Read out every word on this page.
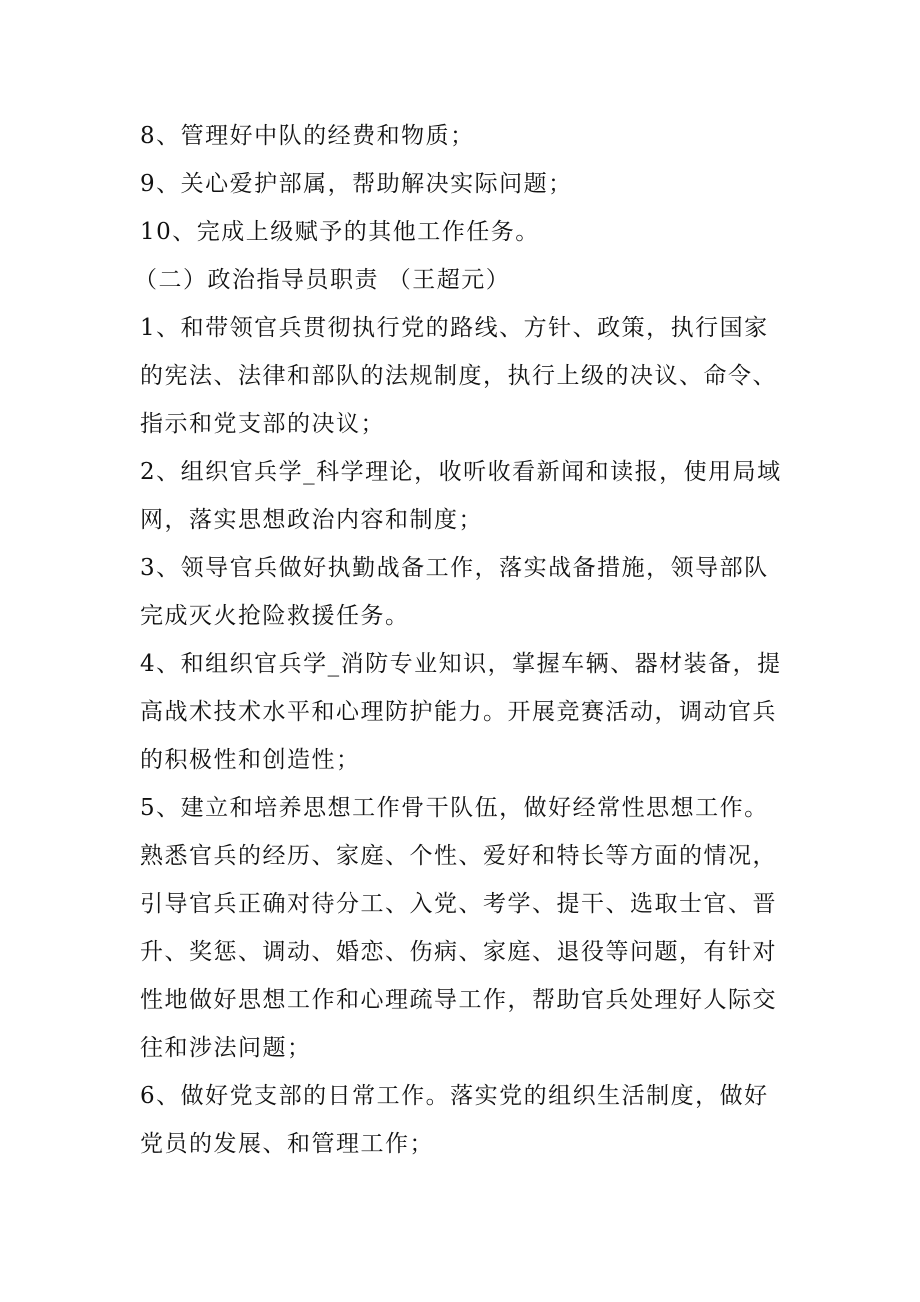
8、管理好中队的经费和物质；

9、关心爱护部属，帮助解决实际问题；

10、完成上级赋予的其他工作任务。

（二）政治指导员职责 （王超元）

1、和带领官兵贯彻执行党的路线、方针、政策，执行国家
的宪法、法律和部队的法规制度，执行上级的决议、命令、
指示和党支部的决议；

2、组织官兵学_科学理论，收听收看新闻和读报，使用局域
网，落实思想政治内容和制度；

3、领导官兵做好执勤战备工作，落实战备措施，领导部队
完成灭火抢险救援任务。

4、和组织官兵学_消防专业知识，掌握车辆、器材装备，提
高战术技术水平和心理防护能力。开展竞赛活动，调动官兵
的积极性和创造性；

5、建立和培养思想工作骨干队伍，做好经常性思想工作。
熟悉官兵的经历、家庭、个性、爱好和特长等方面的情况，
引导官兵正确对待分工、入党、考学、提干、选取士官、晋
升、奖惩、调动、婚恋、伤病、家庭、退役等问题，有针对
性地做好思想工作和心理疏导工作，帮助官兵处理好人际交
往和涉法问题；

6、做好党支部的日常工作。落实党的组织生活制度，做好
党员的发展、和管理工作；
